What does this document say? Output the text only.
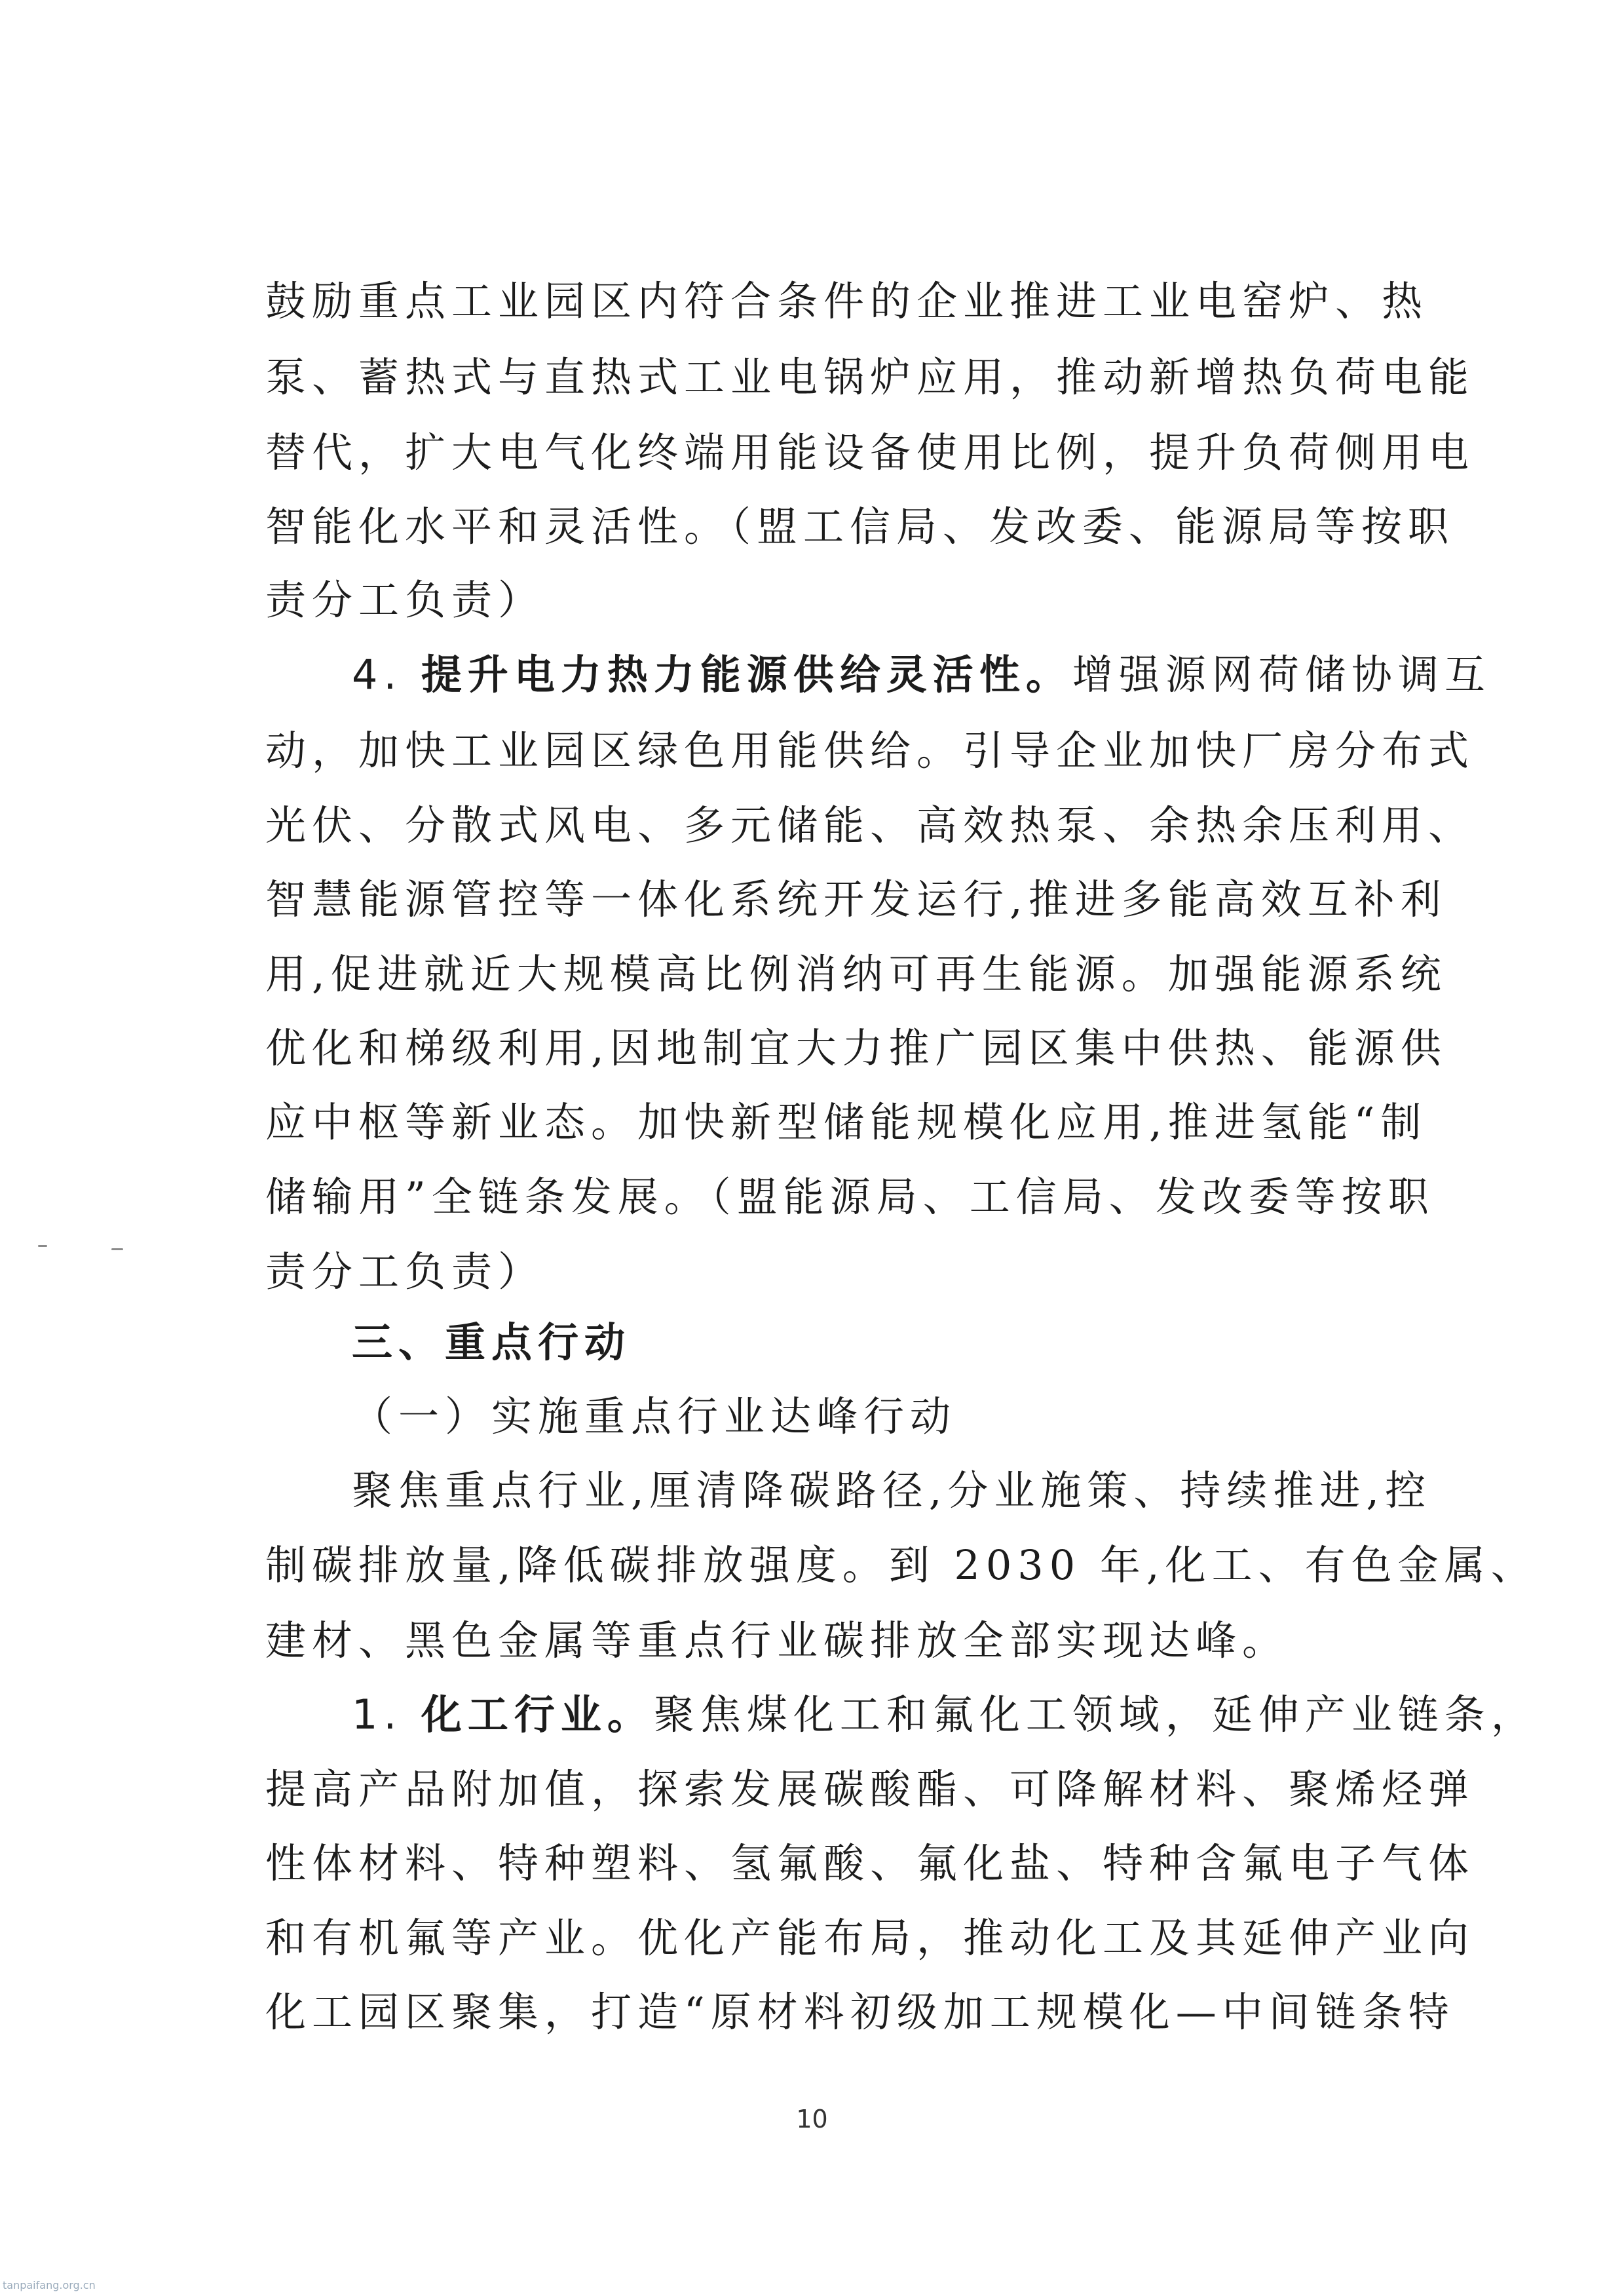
鼓励重点工业园区内符合条件的企业推进工业电窑炉、热
泵、蓄热式与直热式工业电锅炉应用，推动新增热负荷电能
替代，扩大电气化终端用能设备使用比例，提升负荷侧用电
智能化水平和灵活性。（盟工信局、发改委、能源局等按职
责分工负责）
4. 提升电力热力能源供给灵活性。增强源网荷储协调互
动，加快工业园区绿色用能供给。引导企业加快厂房分布式
光伏、分散式风电、多元储能、高效热泵、余热余压利用、
智慧能源管控等一体化系统开发运行,推进多能高效互补利
用,促进就近大规模高比例消纳可再生能源。加强能源系统
优化和梯级利用,因地制宜大力推广园区集中供热、能源供
应中枢等新业态。加快新型储能规模化应用,推进氢能“制
储输用”全链条发展。（盟能源局、工信局、发改委等按职
责分工负责）
三、重点行动
（一）实施重点行业达峰行动
聚焦重点行业,厘清降碳路径,分业施策、持续推进,控
制碳排放量,降低碳排放强度。到 2030 年,化工、有色金属、
建材、黑色金属等重点行业碳排放全部实现达峰。
1. 化工行业。聚焦煤化工和氟化工领域，延伸产业链条，
提高产品附加值，探索发展碳酸酯、可降解材料、聚烯烃弹
性体材料、特种塑料、氢氟酸、氟化盐、特种含氟电子气体
和有机氟等产业。优化产能布局，推动化工及其延伸产业向
化工园区聚集，打造“原材料初级加工规模化—中间链条特
10
tanpaifang.org.cn
